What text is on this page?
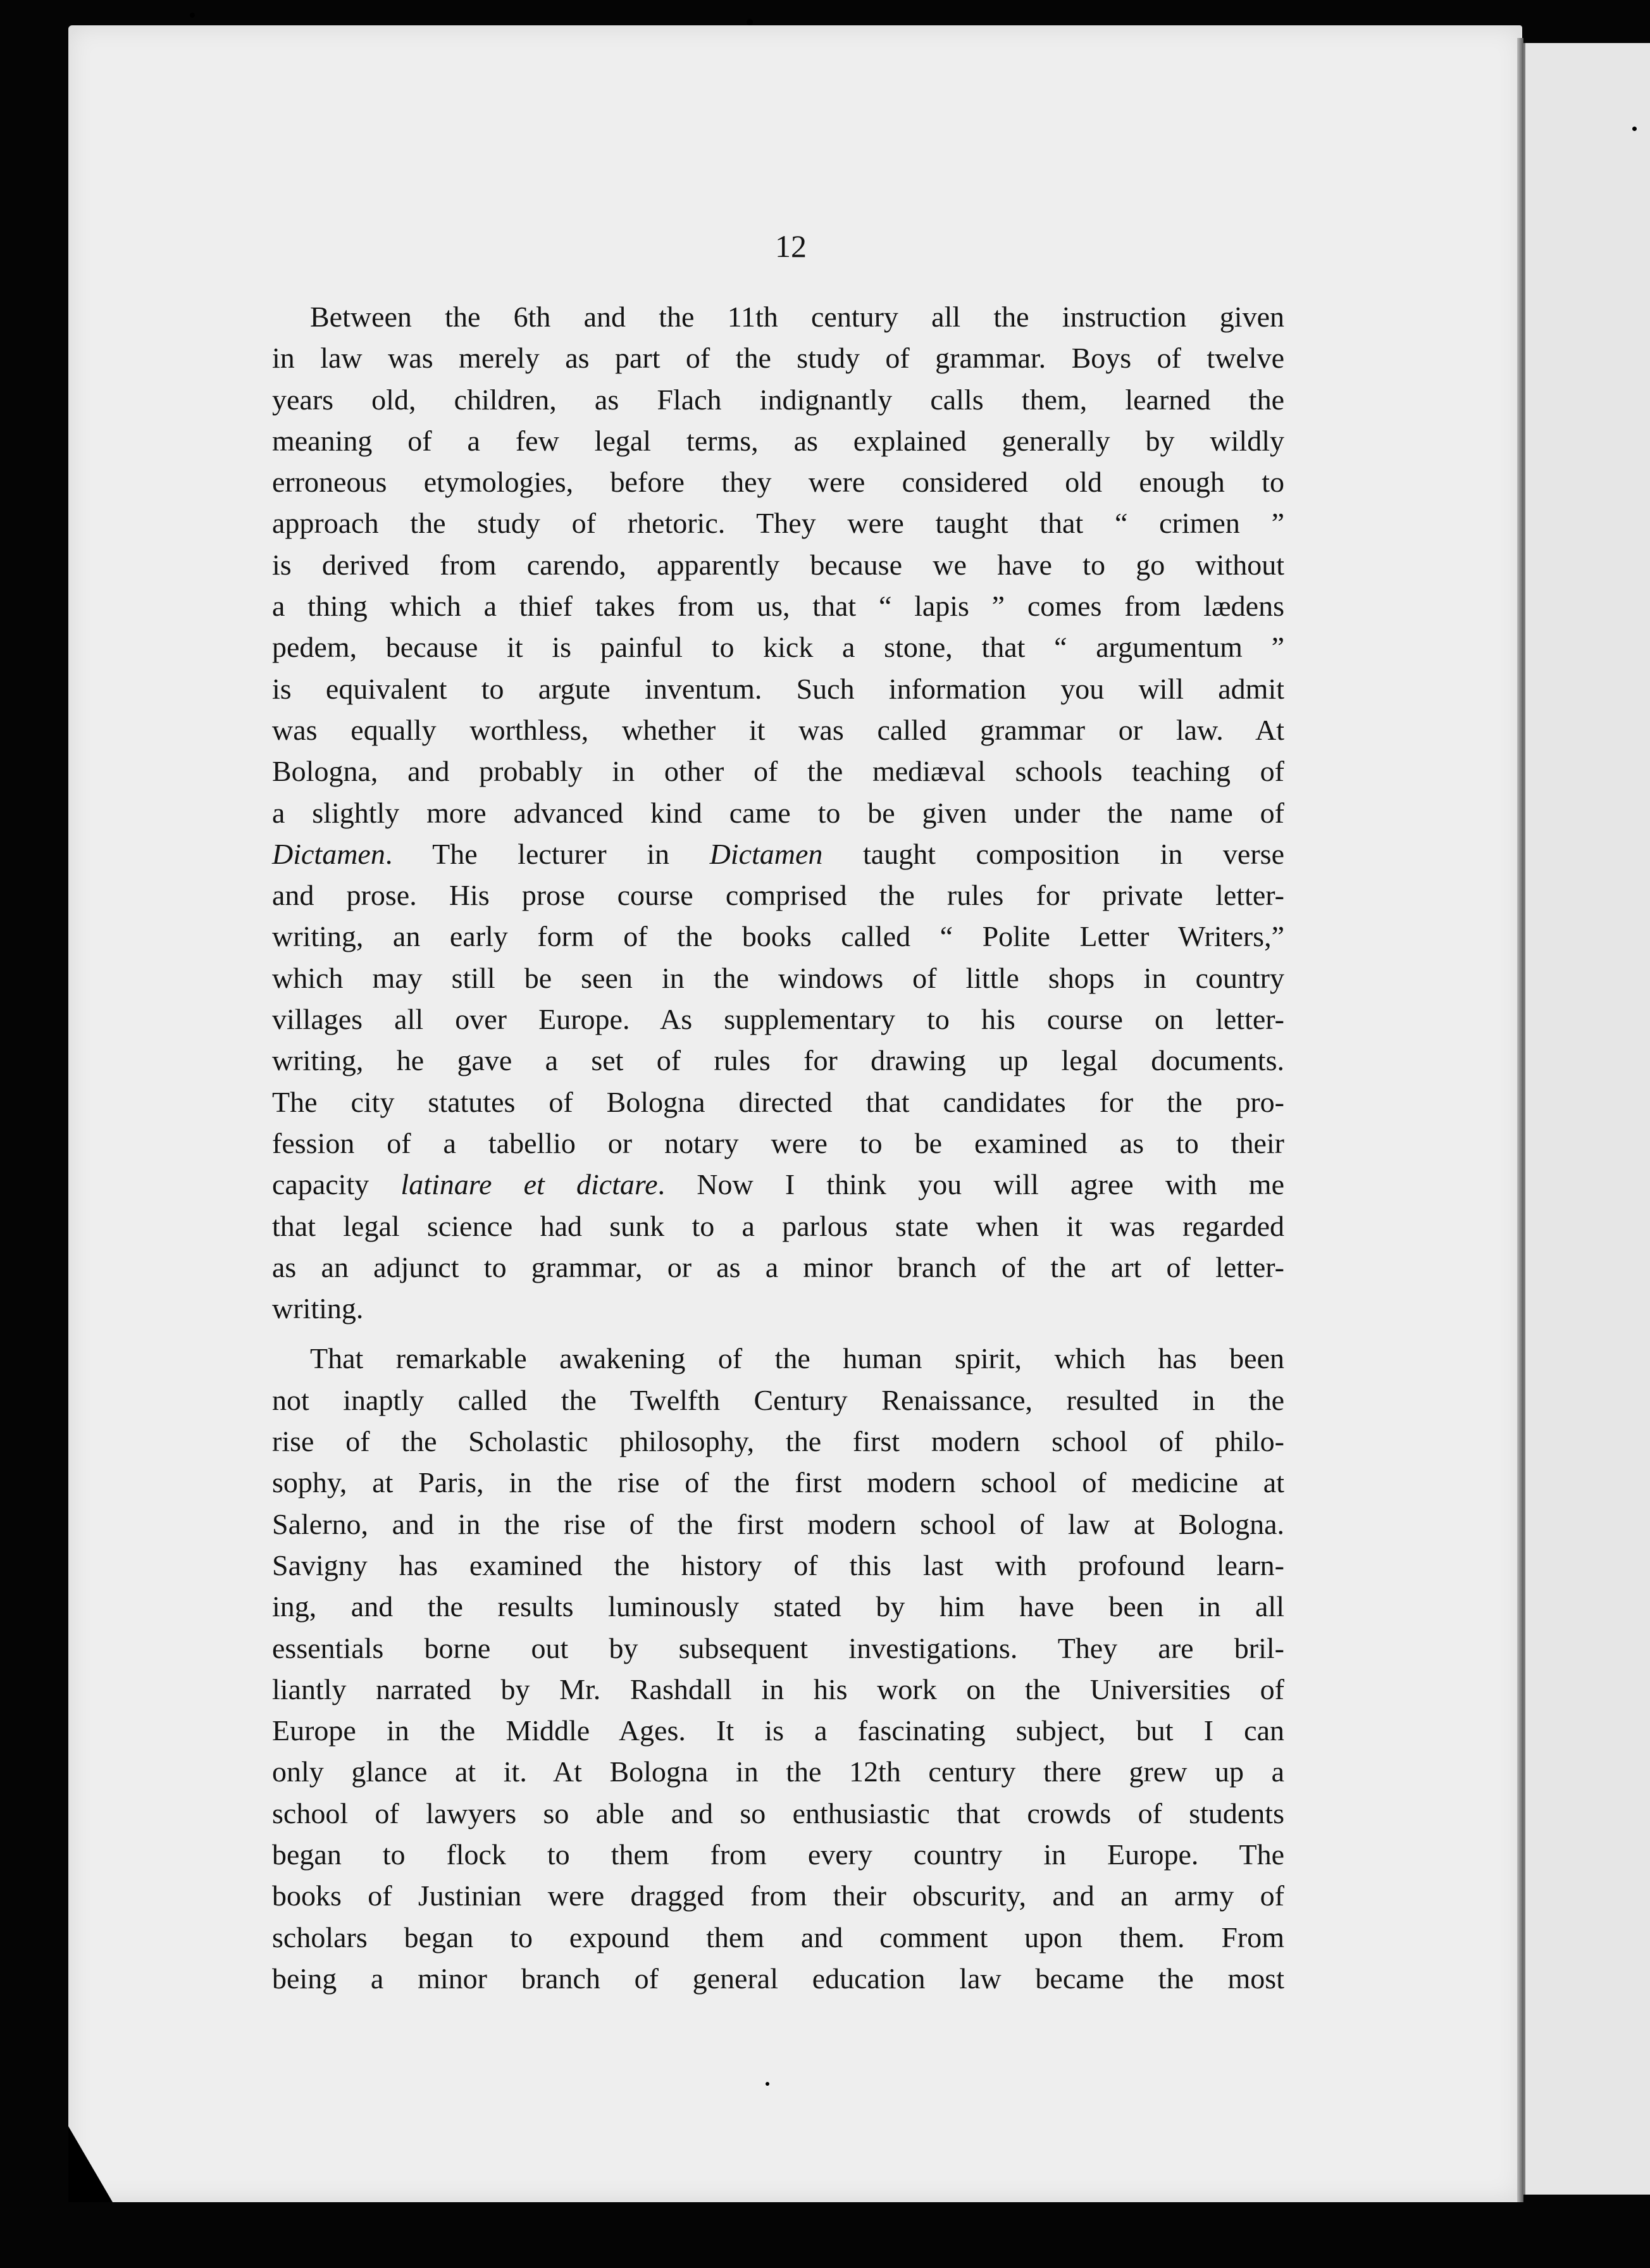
12

Between the 6th and the 11th century all the instruction given
in law was merely as part of the study of grammar. Boys of twelve
years old, children, as Flach indignantly calls them, learned the
meaning of a few legal terms, as explained generally by wildly
erroneous etymologies, before they were considered old enough to
approach the study of rhetoric. They were taught that “ crimen ”
is derived from carendo, apparently because we have to go without
a thing which a thief takes from us, that “ lapis ” comes from lædens
pedem, because it is painful to kick a stone, that “ argumentum ”
is equivalent to argute inventum. Such information you will admit
was equally worthless, whether it was called grammar or law. At
Bologna, and probably in other of the mediæval schools teaching of
a slightly more advanced kind came to be given under the name of
Dictamen. The lecturer in Dictamen taught composition in verse
and prose. His prose course comprised the rules for private letter-
writing, an early form of the books called “ Polite Letter Writers,”
which may still be seen in the windows of little shops in country
villages all over Europe. As supplementary to his course on letter-
writing, he gave a set of rules for drawing up legal documents.
The city statutes of Bologna directed that candidates for the pro-
fession of a tabellio or notary were to be examined as to their
capacity latinare et dictare. Now I think you will agree with me
that legal science had sunk to a parlous state when it was regarded
as an adjunct to grammar, or as a minor branch of the art of letter-
writing.

That remarkable awakening of the human spirit, which has been
not inaptly called the Twelfth Century Renaissance, resulted in the
rise of the Scholastic philosophy, the first modern school of philo-
sophy, at Paris, in the rise of the first modern school of medicine at
Salerno, and in the rise of the first modern school of law at Bologna.
Savigny has examined the history of this last with profound learn-
ing, and the results luminously stated by him have been in all
essentials borne out by subsequent investigations. They are bril-
liantly narrated by Mr. Rashdall in his work on the Universities of
Europe in the Middle Ages. It is a fascinating subject, but I can
only glance at it. At Bologna in the 12th century there grew up a
school of lawyers so able and so enthusiastic that crowds of students
began to flock to them from every country in Europe. The
books of Justinian were dragged from their obscurity, and an army of
scholars began to expound them and comment upon them. From
being a minor branch of general education law became the most
